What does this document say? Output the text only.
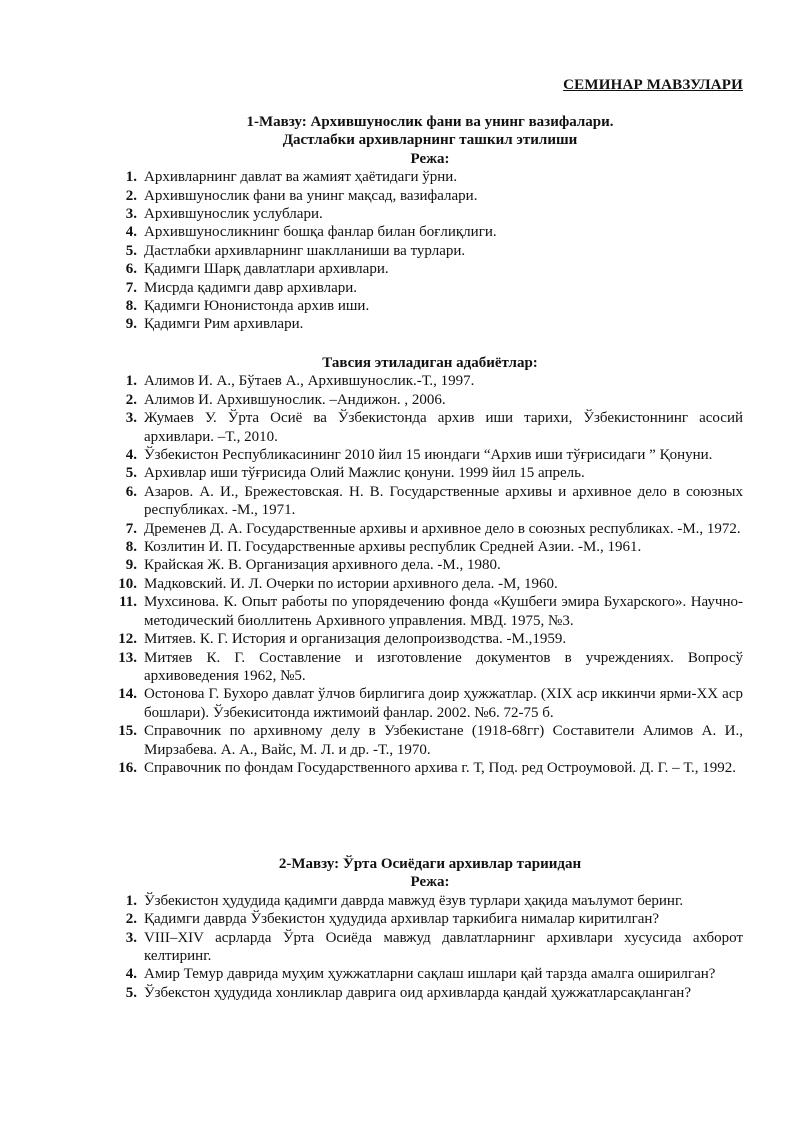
СЕМИНАР МАВЗУЛАРИ
1-Мавзу: Архившунослик фани ва унинг вазифалари.
Дастлабки архивларнинг ташкил этилиши
Режа:
1. Архивларнинг давлат ва жамият ҳаётидаги ўрни.
2. Архившунослик фани ва унинг мақсад, вазифалари.
3. Архившунослик услублари.
4. Архившуносликнинг бошқа фанлар билан боғлиқлиги.
5. Дастлабки архивларнинг шаклланиши ва турлари.
6. Қадимги Шарқ давлатлари архивлари.
7. Мисрда қадимги давр архивлари.
8. Қадимги Юнонистонда архив иши.
9. Қадимги Рим архивлари.
Тавсия этиладиган адабиётлар:
1. Алимов И. А., Бўтаев А., Архившунослик.-Т., 1997.
2. Алимов И. Архившунослик. –Андижон. , 2006.
3. Жумаев У. Ўрта Осиё ва Ўзбекистонда архив иши тарихи, Ўзбекистоннинг асосий архивлари. –Т., 2010.
4. Ўзбекистон Республикасининг 2010 йил 15 июндаги “Архив иши тўғрисидаги ” Қонуни.
5. Архивлар иши тўғрисида Олий Мажлис қонуни. 1999 йил 15 апрель.
6. Азаров. А. И., Брежестовская. Н. В. Государственные архивы и архивное дело в союзных республиках. -М., 1971.
7. Дременев Д. А. Государственные архивы и архивное дело в союзных республиках. -М., 1972.
8. Козлитин И. П. Государственные архивы республик Средней Азии. -М., 1961.
9. Крайская Ж. В. Организация архивного дела. -М., 1980.
10. Мадковский. И. Л. Очерки по истории архивного дела. -М, 1960.
11. Мухсинова. К. Опыт работы по упорядечению фонда «Кушбеги эмира Бухарского». Научно-методический биоллитень Архивного управления. МВД. 1975, №3.
12. Митяев. К. Г. История и организация делопроизводства. -М.,1959.
13. Митяев К. Г. Составление и изготовление документов в учреждениях. Вопросў архивоведения 1962, №5.
14. Остонова Г. Бухоро давлат ўлчов бирлигига доир ҳужжатлар. (XIX аср иккинчи ярми-XX аср бошлари). Ўзбекиситонда ижтимоий фанлар. 2002. №6. 72-75 б.
15. Справочник по архивному делу в Узбекистане (1918-68гг) Составители Алимов А. И., Мирзабева. А. А., Вайс, М. Л. и др. -Т., 1970.
16. Справочник по фондам Государственного архива г. Т, Под. ред Остроумовой. Д. Г. – Т., 1992.
2-Мавзу: Ўрта Осиёдаги архивлар тариидан
Режа:
1. Ўзбекистон ҳудудида қадимги даврда мавжуд ёзув турлари ҳақида маълумот беринг.
2. Қадимги даврда Ўзбекистон ҳудудида архивлар таркибига нималар киритилган?
3. VIII–XIV асрларда Ўрта Осиёда мавжуд давлатларнинг архивлари хусусида ахборот келтиринг.
4. Амир Темур даврида муҳим ҳужжатларни сақлаш ишлари қай тарзда амалга оширилган?
5. Ўзбекстон ҳудудида хонликлар даврига оид архивларда қандай ҳужжатларсақланган?
